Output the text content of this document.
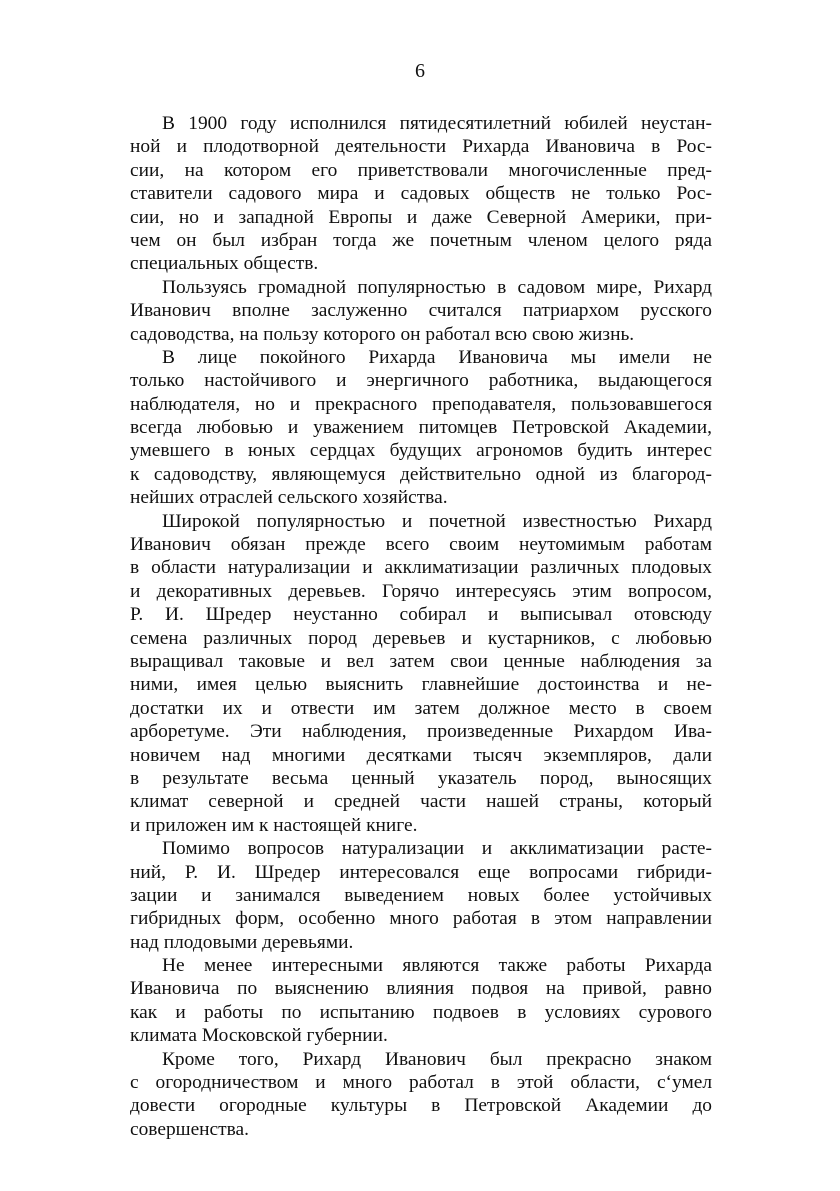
6
В 1900 году исполнился пятидесятилетний юбилей неустан-
ной и плодотворной деятельности Рихарда Ивановича в Рос-
сии, на котором его приветствовали многочисленные пред-
ставители садового мира и садовых обществ не только Рос-
сии, но и западной Европы и даже Северной Америки, при-
чем он был избран тогда же почетным членом целого ряда
специальных обществ.
Пользуясь громадной популярностью в садовом мире, Рихард
Иванович вполне заслуженно считался патриархом русского
садоводства, на пользу которого он работал всю свою жизнь.
В лице покойного Рихарда Ивановича мы имели не
только настойчивого и энергичного работника, выдающегося
наблюдателя, но и прекрасного преподавателя, пользовавшегося
всегда любовью и уважением питомцев Петровской Академии,
умевшего в юных сердцах будущих агрономов будить интерес
к садоводству, являющемуся действительно одной из благород-
нейших отраслей сельского хозяйства.
Широкой популярностью и почетной известностью Рихард
Иванович обязан прежде всего своим неутомимым работам
в области натурализации и акклиматизации различных плодовых
и декоративных деревьев. Горячо интересуясь этим вопросом,
Р. И. Шредер неустанно собирал и выписывал отовсюду
семена различных пород деревьев и кустарников, с любовью
выращивал таковые и вел затем свои ценные наблюдения за
ними, имея целью выяснить главнейшие достоинства и не-
достатки их и отвести им затем должное место в своем
арборетуме. Эти наблюдения, произведенные Рихардом Ива-
новичем над многими десятками тысяч экземпляров, дали
в результате весьма ценный указатель пород, выносящих
климат северной и средней части нашей страны, который
и приложен им к настоящей книге.
Помимо вопросов натурализации и акклиматизации расте-
ний, Р. И. Шредер интересовался еще вопросами гибриди-
зации и занимался выведением новых более устойчивых
гибридных форм, особенно много работая в этом направлении
над плодовыми деревьями.
Не менее интересными являются также работы Рихарда
Ивановича по выяснению влияния подвоя на привой, равно
как и работы по испытанию подвоев в условиях сурового
климата Московской губернии.
Кроме того, Рихард Иванович был прекрасно знаком
с огородничеством и много работал в этой области, с‘умел
довести огородные культуры в Петровской Академии до
совершенства.
